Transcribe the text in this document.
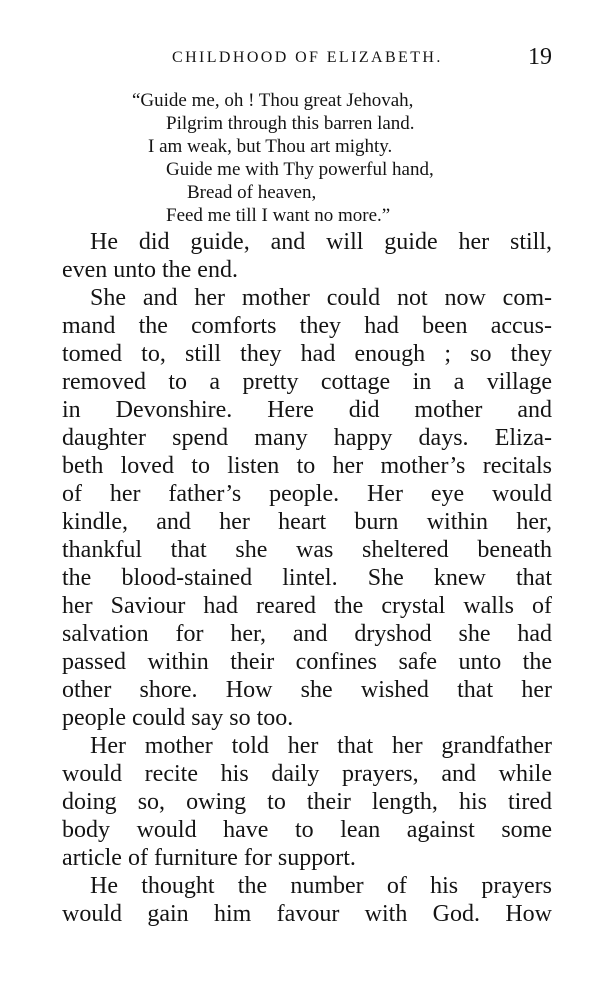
CHILDHOOD OF ELIZABETH.	19
“Guide me, oh ! Thou great Jehovah,
Pilgrim through this barren land.
I am weak, but Thou art mighty.
Guide me with Thy powerful hand,
Bread of heaven,
Feed me till I want no more.”
He did guide, and will guide her still,
even unto the end.
She and her mother could not now com-
mand the comforts they had been accus-
tomed to, still they had enough ; so they
removed to a pretty cottage in a village
in Devonshire. Here did mother and
daughter spend many happy days. Eliza-
beth loved to listen to her mother’s recitals
of her father’s people. Her eye would
kindle, and her heart burn within her,
thankful that she was sheltered beneath
the blood-stained lintel. She knew that
her Saviour had reared the crystal walls of
salvation for her, and dryshod she had
passed within their confines safe unto the
other shore. How she wished that her
people could say so too.
Her mother told her that her grandfather
would recite his daily prayers, and while
doing so, owing to their length, his tired
body would have to lean against some
article of furniture for support.
He thought the number of his prayers
would gain him favour with God. How
